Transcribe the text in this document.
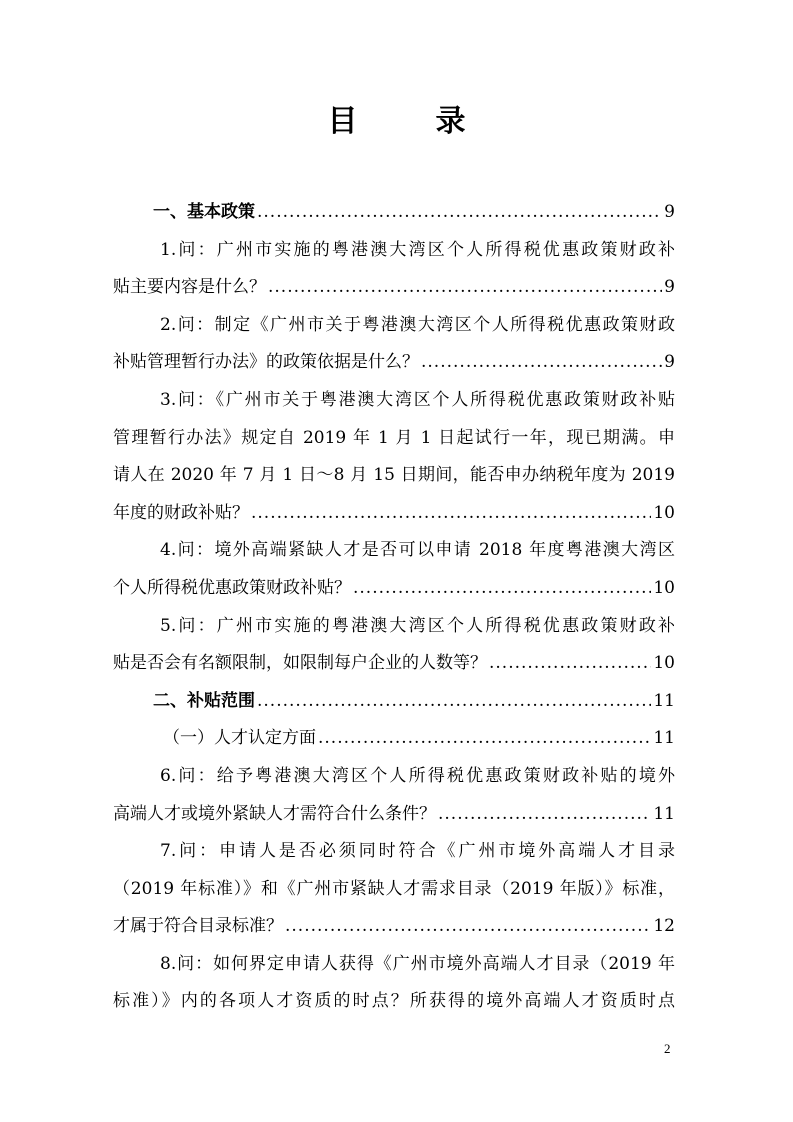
目　录
一、基本政策 .....	9
1.问：广州市实施的粤港澳大湾区个人所得税优惠政策财政补
贴主要内容是什么？ .....	9
2.问：制定《广州市关于粤港澳大湾区个人所得税优惠政策财政
补贴管理暂行办法》的政策依据是什么？ .....	9
3.问：《广州市关于粤港澳大湾区个人所得税优惠政策财政补贴
管理暂行办法》规定自 2019 年 1 月 1 日起试行一年，现已期满。申
请人在 2020 年 7 月 1 日～8 月 15 日期间，能否申办纳税年度为 2019
年度的财政补贴？ .....	10
4.问：境外高端紧缺人才是否可以申请 2018 年度粤港澳大湾区
个人所得税优惠政策财政补贴？ .....	10
5.问：广州市实施的粤港澳大湾区个人所得税优惠政策财政补
贴是否会有名额限制，如限制每户企业的人数等？ .....	10
二、补贴范围 .....	11
（一）人才认定方面 .....	11
6.问：给予粤港澳大湾区个人所得税优惠政策财政补贴的境外
高端人才或境外紧缺人才需符合什么条件？ .....	11
7.问：申请人是否必须同时符合《广州市境外高端人才目录
（2019 年标准）》和《广州市紧缺人才需求目录（2019 年版）》标准，
才属于符合目录标准？ .....	12
8.问：如何界定申请人获得《广州市境外高端人才目录（2019 年
标准）》内的各项人才资质的时点？所获得的境外高端人才资质时点
2
